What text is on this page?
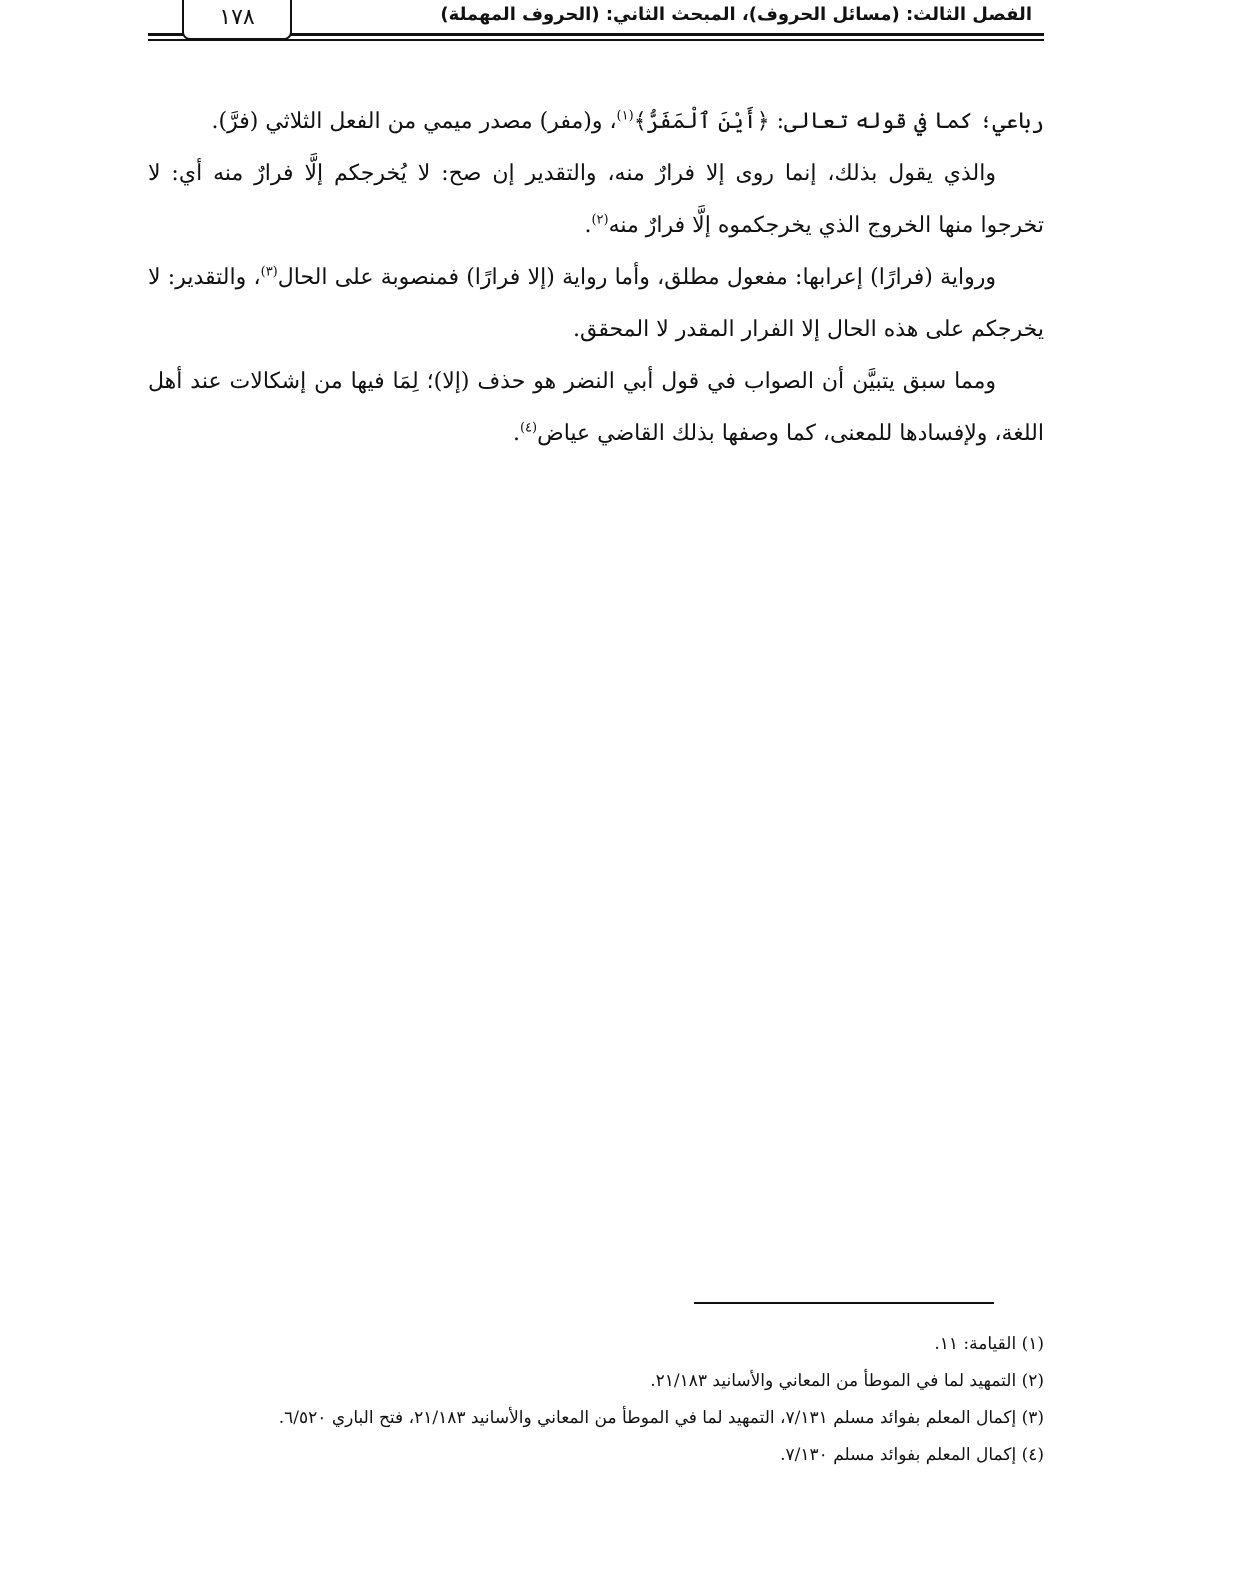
الفصل الثالث: (مسائل الحروف)، المبحث الثاني: (الحروف المهملة)
١٧٨

رباعي؛ كما في قوله تعالى: ﴿أَيْنَ ٱلْمَفَرُّ﴾$^{(١)}$، و(مفر) مصدر ميمي من الفعل الثلاثي (فرَّ).

والذي يقول بذلك، إنما روى إلا فرارٌ منه، والتقدير إن صح: لا يُخرجكم إلَّا فرارٌ منه أي: لا تخرجوا منها الخروج الذي يخرجكموه إلَّا فرارٌ منه$^{(٢)}$.

ورواية (فرارًا) إعرابها: مفعول مطلق، وأما رواية (إلا فرارًا) فمنصوبة على الحال$^{(٣)}$، والتقدير: لا يخرجكم على هذه الحال إلا الفرار المقدر لا المحقق.

ومما سبق يتبيَّن أن الصواب في قول أبي النضر هو حذف (إلا)؛ لِمَا فيها من إشكالات عند أهل اللغة، ولإفسادها للمعنى، كما وصفها بذلك القاضي عياض$^{(٤)}$.

(١) القيامة: ١١.
(٢) التمهيد لما في الموطأ من المعاني والأسانيد ٢١/١٨٣.
(٣) إكمال المعلم بفوائد مسلم ٧/١٣١، التمهيد لما في الموطأ من المعاني والأسانيد ٢١/١٨٣، فتح الباري ٦/٥٢٠.
(٤) إكمال المعلم بفوائد مسلم ٧/١٣٠.
